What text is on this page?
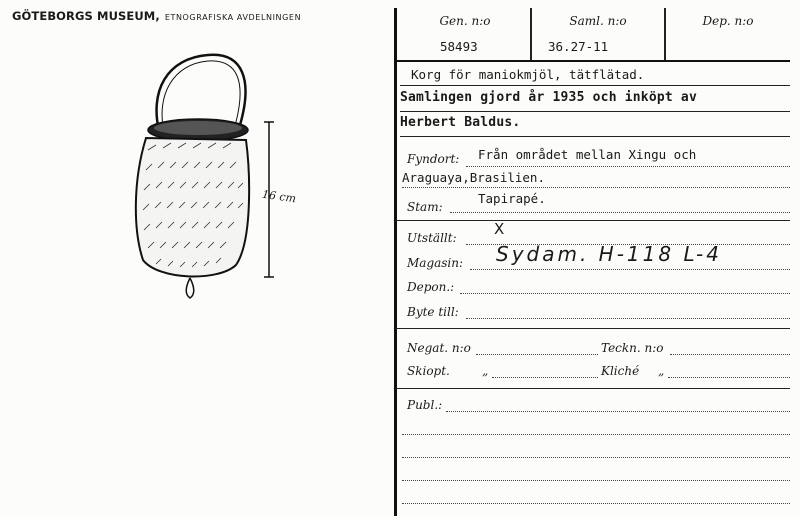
GÖTEBORGS MUSEUM, ETNOGRAFISKA AVDELNINGEN
16 cm
Gen. n:o	Saml. n:o	Dep. n:o
58493	36.27-11
Korg för maniokmjöl, tätflätad.
Samlingen gjord år 1935 och inköpt av
Herbert Baldus.
Fyndort: Från området mellan Xingu och
Araguaya,Brasilien.
Stam:
Tapirapé.
Utställt: X
Magasin: Sydam. H-118 L-4
Depon.:
Byte till:
Negat. n:o	Teckn. n:o
Skiopt.	„	Kliché „
Publ.:
